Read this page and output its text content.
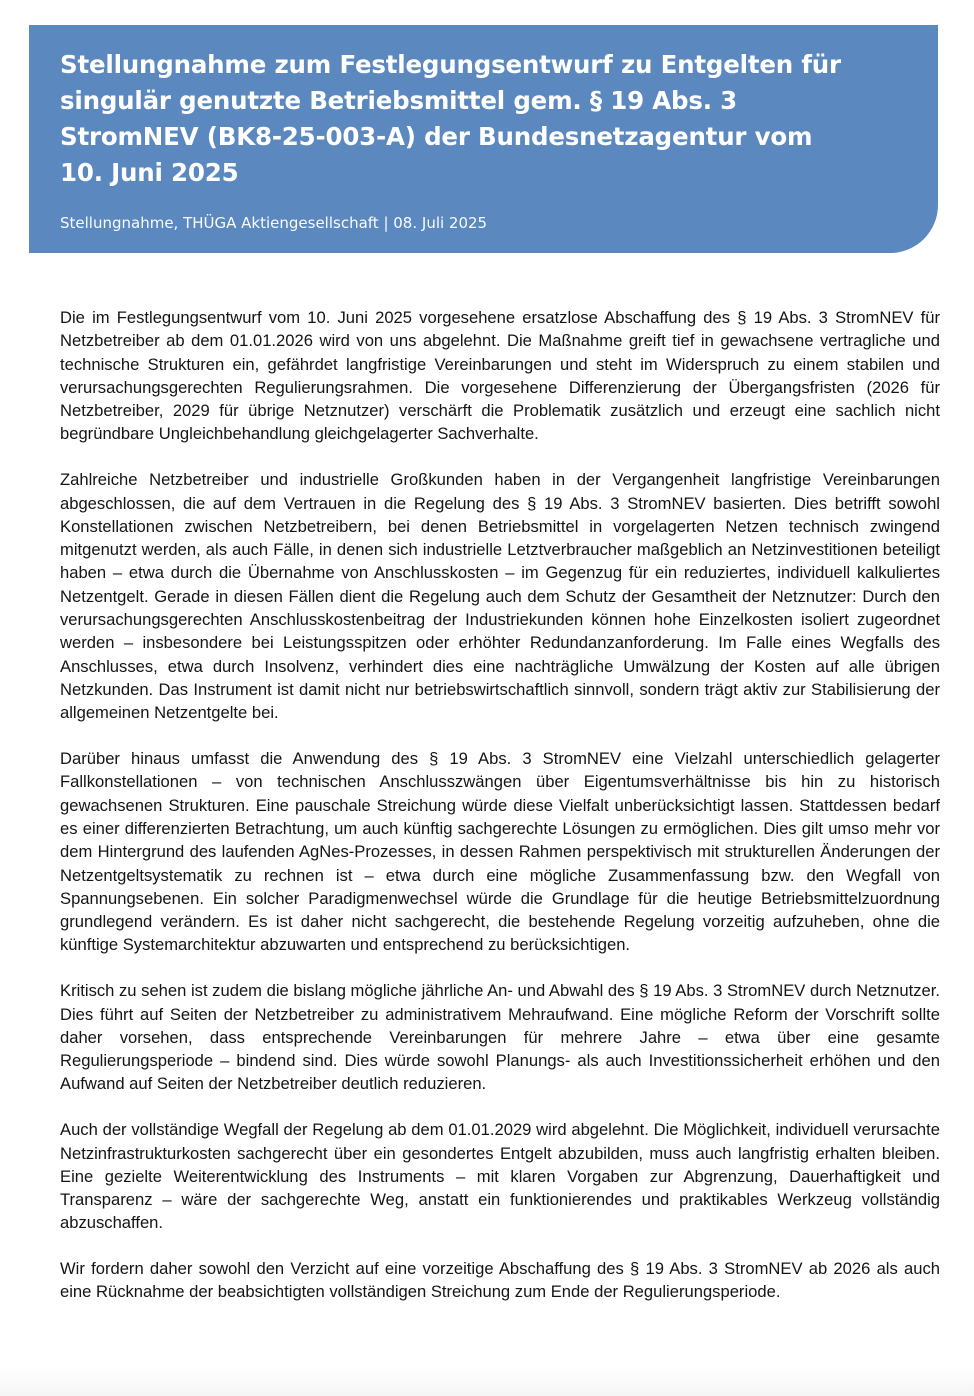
Stellungnahme zum Festlegungsentwurf zu Entgelten für singulär genutzte Betriebsmittel gem. § 19 Abs. 3 StromNEV (BK8-25-003-A) der Bundesnetzagentur vom 10. Juni 2025
Stellungnahme, THÜGA Aktiengesellschaft | 08. Juli 2025

Die im Festlegungsentwurf vom 10. Juni 2025 vorgesehene ersatzlose Abschaffung des § 19 Abs. 3 StromNEV für Netzbetreiber ab dem 01.01.2026 wird von uns abgelehnt. Die Maßnahme greift tief in gewachsene vertragliche und technische Strukturen ein, gefährdet langfristige Vereinbarungen und steht im Widerspruch zu einem stabilen und verursachungsgerechten Regulierungsrahmen. Die vorgesehene Differenzierung der Übergangsfristen (2026 für Netzbetreiber, 2029 für übrige Netznutzer) verschärft die Problematik zusätzlich und erzeugt eine sachlich nicht begründbare Ungleichbehandlung gleichgelagerter Sachverhalte.

Zahlreiche Netzbetreiber und industrielle Großkunden haben in der Vergangenheit langfristige Vereinbarungen abgeschlossen, die auf dem Vertrauen in die Regelung des § 19 Abs. 3 StromNEV basierten. Dies betrifft sowohl Konstellationen zwischen Netzbetreibern, bei denen Betriebsmittel in vorgelagerten Netzen technisch zwingend mitgenutzt werden, als auch Fälle, in denen sich industrielle Letztverbraucher maßgeblich an Netzinvestitionen beteiligt haben – etwa durch die Übernahme von Anschlusskosten – im Gegenzug für ein reduziertes, individuell kalkuliertes Netzentgelt. Gerade in diesen Fällen dient die Regelung auch dem Schutz der Gesamtheit der Netznutzer: Durch den verursachungsgerechten Anschlusskostenbeitrag der Industriekunden können hohe Einzelkosten isoliert zugeordnet werden – insbesondere bei Leistungsspitzen oder erhöhter Redundanzanforderung. Im Falle eines Wegfalls des Anschlusses, etwa durch Insolvenz, verhindert dies eine nachträgliche Umwälzung der Kosten auf alle übrigen Netzkunden. Das Instrument ist damit nicht nur betriebswirtschaftlich sinnvoll, sondern trägt aktiv zur Stabilisierung der allgemeinen Netzentgelte bei.

Darüber hinaus umfasst die Anwendung des § 19 Abs. 3 StromNEV eine Vielzahl unterschiedlich gelagerter Fallkonstellationen – von technischen Anschlusszwängen über Eigentumsverhältnisse bis hin zu historisch gewachsenen Strukturen. Eine pauschale Streichung würde diese Vielfalt unberücksichtigt lassen. Stattdessen bedarf es einer differenzierten Betrachtung, um auch künftig sachgerechte Lösungen zu ermöglichen. Dies gilt umso mehr vor dem Hintergrund des laufenden AgNes-Prozesses, in dessen Rahmen perspektivisch mit strukturellen Änderungen der Netzentgeltsystematik zu rechnen ist – etwa durch eine mögliche Zusammenfassung bzw. den Wegfall von Spannungsebenen. Ein solcher Paradigmenwechsel würde die Grundlage für die heutige Betriebsmittelzuordnung grundlegend verändern. Es ist daher nicht sachgerecht, die bestehende Regelung vorzeitig aufzuheben, ohne die künftige Systemarchitektur abzuwarten und entsprechend zu berücksichtigen.

Kritisch zu sehen ist zudem die bislang mögliche jährliche An- und Abwahl des § 19 Abs. 3 StromNEV durch Netznutzer. Dies führt auf Seiten der Netzbetreiber zu administrativem Mehraufwand. Eine mögliche Reform der Vorschrift sollte daher vorsehen, dass entsprechende Vereinbarungen für mehrere Jahre – etwa über eine gesamte Regulierungsperiode – bindend sind. Dies würde sowohl Planungs- als auch Investitionssicherheit erhöhen und den Aufwand auf Seiten der Netzbetreiber deutlich reduzieren.

Auch der vollständige Wegfall der Regelung ab dem 01.01.2029 wird abgelehnt. Die Möglichkeit, individuell verursachte Netzinfrastrukturkosten sachgerecht über ein gesondertes Entgelt abzubilden, muss auch langfristig erhalten bleiben. Eine gezielte Weiterentwicklung des Instruments – mit klaren Vorgaben zur Abgrenzung, Dauerhaftigkeit und Transparenz – wäre der sachgerechte Weg, anstatt ein funktionierendes und praktikables Werkzeug vollständig abzuschaffen.

Wir fordern daher sowohl den Verzicht auf eine vorzeitige Abschaffung des § 19 Abs. 3 StromNEV ab 2026 als auch eine Rücknahme der beabsichtigten vollständigen Streichung zum Ende der Regulierungsperiode.
